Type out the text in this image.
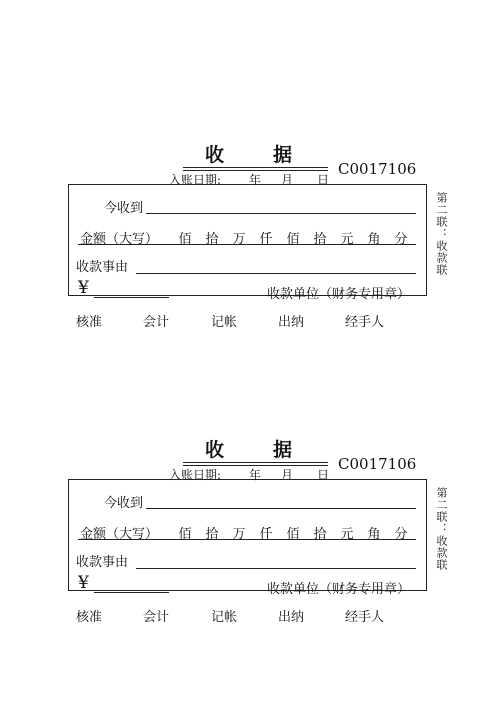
收	据
C0017106
入账日期: 年 月 日
今收到
金额（大写） 佰 拾 万 仟 佰 拾 元 角 分
收款事由
¥	收款单位（财务专用章）
第二联：收款联
核准	会计	记帐	出纳	经手人
收	据
C0017106
入账日期: 年 月 日
今收到
金额（大写） 佰 拾 万 仟 佰 拾 元 角 分
收款事由
¥	收款单位（财务专用章）
第二联：收款联
核准	会计	记帐	出纳	经手人
